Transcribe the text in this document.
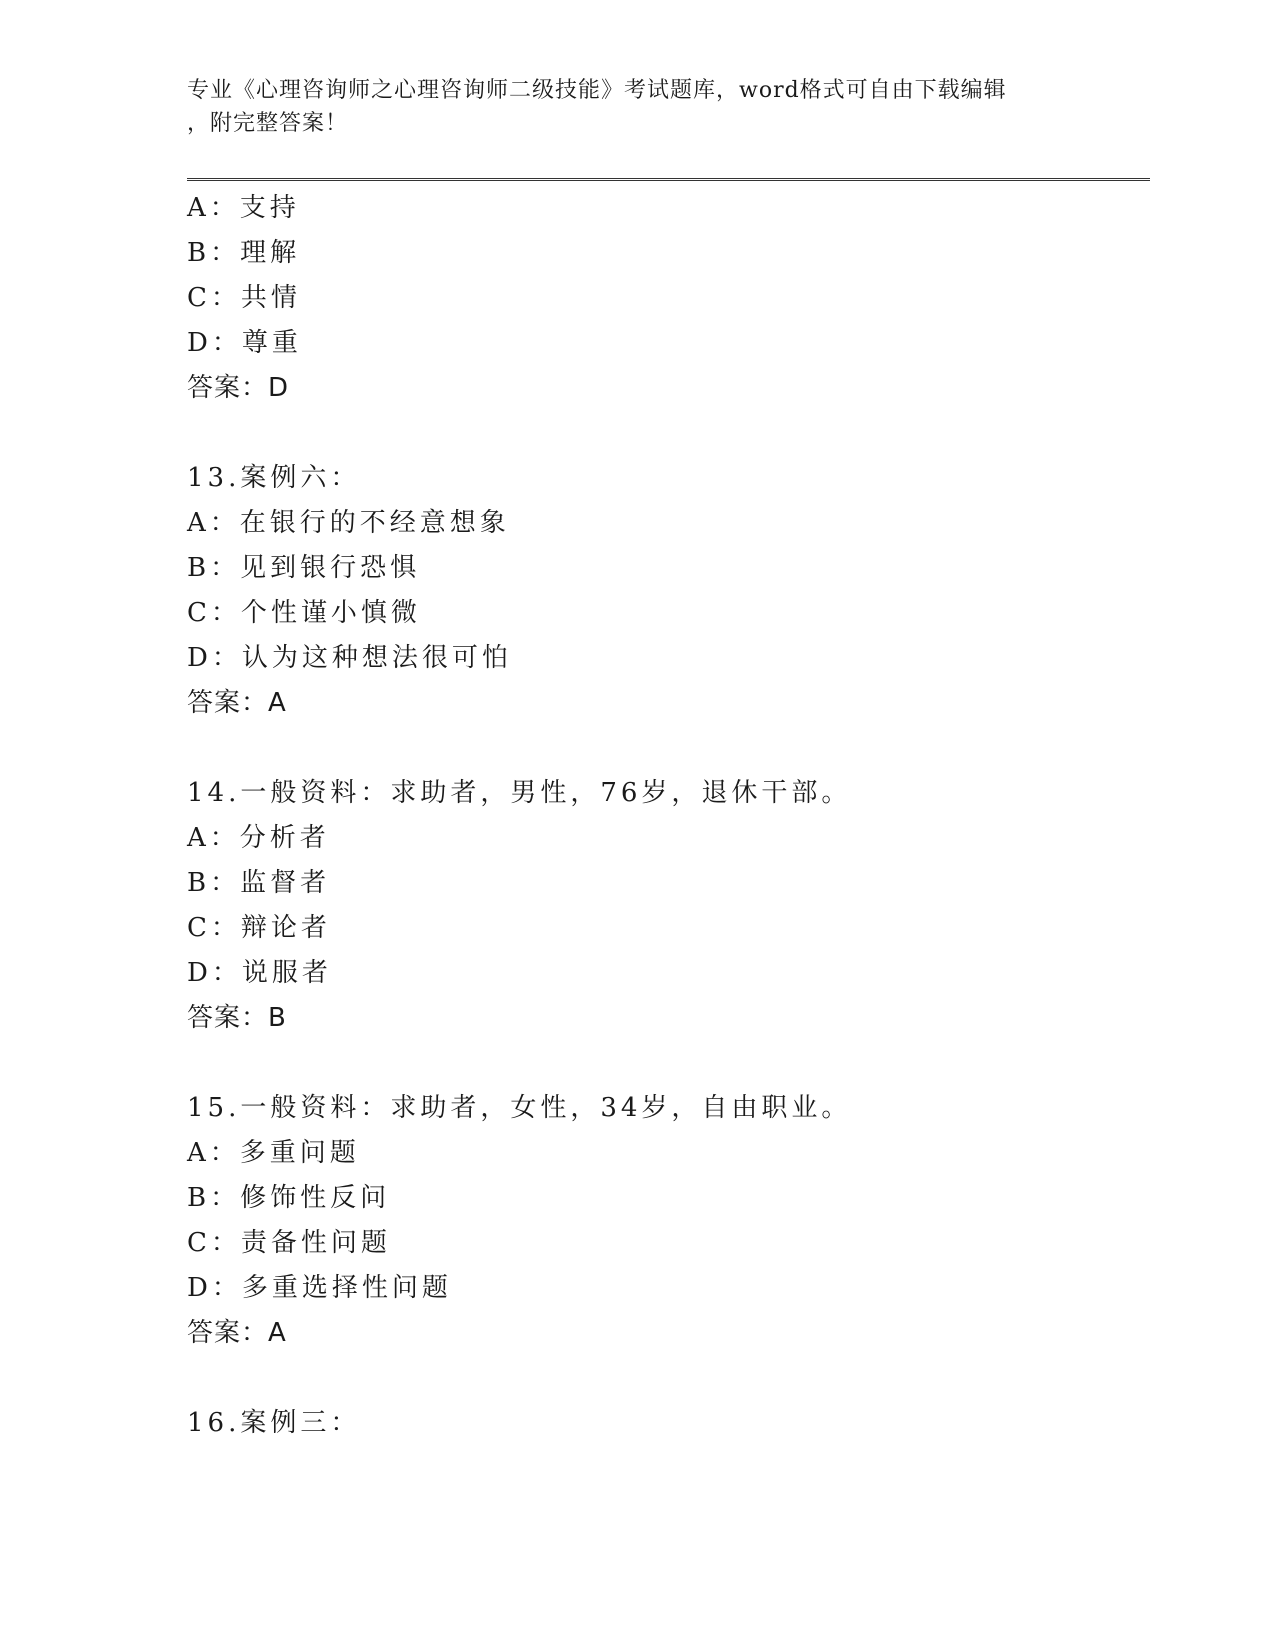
专业《心理咨询师之心理咨询师二级技能》考试题库，word格式可自由下载编辑
，附完整答案！
A：支持
B：理解
C：共情
D：尊重
答案：D
13.案例六：
A：在银行的不经意想象
B：见到银行恐惧
C：个性谨小慎微
D：认为这种想法很可怕
答案：A
14.一般资料：求助者，男性，76岁，退休干部。
A：分析者
B：监督者
C：辩论者
D：说服者
答案：B
15.一般资料：求助者，女性，34岁，自由职业。
A：多重问题
B：修饰性反问
C：责备性问题
D：多重选择性问题
答案：A
16.案例三：
